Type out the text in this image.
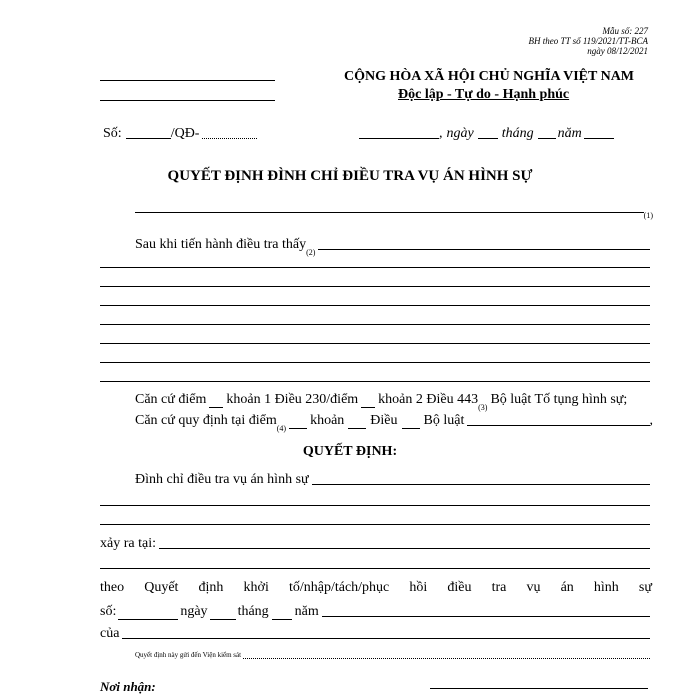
Mẫu số: 227
BH theo TT số 119/2021/TT-BCA
ngày 08/12/2021
CỘNG HÒA XÃ HỘI CHỦ NGHĨA VIỆT NAM
Độc lập - Tự do - Hạnh phúc
Số:	/QĐ-	, ngày tháng năm
QUYẾT ĐỊNH ĐÌNH CHỈ ĐIỀU TRA VỤ ÁN HÌNH SỰ
(1)
Sau khi tiến hành điều tra thấy
(2)
Căn cứ điểm khoản 1 Điều 230/điểm khoản 2 Điều 443
(3)
Bộ luật Tố tụng hình sự;
Căn cứ quy định tại điểm
(4)
khoản Điều Bộ luật	,
QUYẾT ĐỊNH:
Đình chỉ điều tra vụ án hình sự
xảy ra tại:
theo Quyết định khởi tố/nhập/tách/phục hồi điều tra vụ án hình sự
số:	ngày tháng năm
của
Quyết định này gửi đến Viện kiểm sát
Nơi nhận:
